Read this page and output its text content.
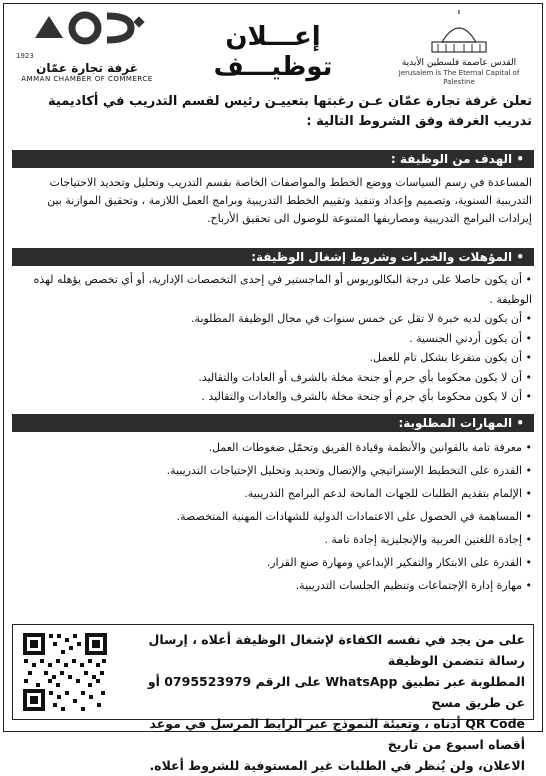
القدس عاصمة فلسطين الأبدية
Jerusalem is The Eternal Capital of Palestine
إعـــلان توظيـــف
1923
غرفة تجارة عمّان
AMMAN CHAMBER OF COMMERCE
تعلن غرفة تجارة عمّان عـن رغبتها بتعييـن رئيس لقسم التدريب في أكاديمية تدريب الغرفة وفق الشروط التالية :
• الهدف من الوظيفة :
المساعدة في رسم السياسات ووضع الخطط والمواصفات الخاصة بقسم التدريب وتحليل وتحديد الاحتياجات التدريبية السنوية، وتصميم وإعداد وتنفيذ وتقييم الخطط التدريبية وبرامج العمل اللازمة ، وتحقيق الموازنة بين إيرادات البرامج التدريبية ومصاريفها المتنوعة للوصول الى تحقيق الأرباح.
• المؤهلات والخبرات وشروط إشغال الوظيفة:
• أن يكون حاصلا على درجة البكالوريوس أو الماجستير في إحدى التخصصات الإدارية، أو أي تخصص يؤهله لهذه الوظيفة .
• أن يكون لديه خبرة لا تقل عن خمس سنوات في مجال الوظيفة المطلوبة.
• أن يكون أردني الجنسية .
• أن يكون متفرغا بشكل تام للعمل.
• أن لا يكون محكوما بأي جرم أو جنحة مخلة بالشرف أو العادات والتقاليد.
• أن لا يكون محكوما بأي جرم أو جنحة مخلة بالشرف والعادات والتقاليد .
• المهارات المطلوبة:
• معرفة تامة بالقوانين والأنظمة وقيادة الفريق وتحمّل ضغوطات العمل.
• القدرة على التخطيط الإستراتيجي والإتصال وتحديد وتحليل الإحتياجات التدريبية.
• الإلمام بتقديم الطلبات للجهات المانحة لدعم البرامج التدريبية.
• المساهمة في الحصول على الاعتمادات الدولية للشهادات المهنية المتخصصة.
• إجادة اللغتين العربية والإنجليزية إجادة تامة .
• القدرة على الابتكار والتفكير الإبداعي ومهارة صنع القرار.
• مهارة إدارة الإجتماعات وتنظيم الجلسات التدريبية.
على من يجد في نفسه الكفاءة لإشغال الوظيفة أعلاه ، إرسال رسالة تتضمن الوظيفة
المطلوبة عبر تطبيق WhatsApp على الرقم 0795523979 أو عن طريق مسح
QR Code أدناه ، وتعبئة النموذج عبر الرابط المرسل في موعد أقصاه اسبوع من تاريخ
الاعلان، ولن يُنظر في الطلبات غير المستوفية للشروط أعلاه.
